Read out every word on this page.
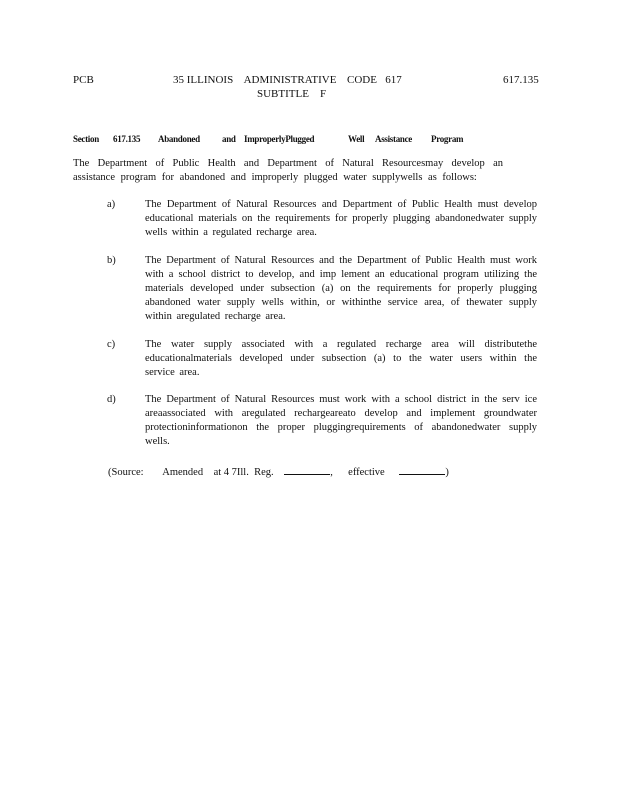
PCB	35 ILLINOIS    ADMINISTRATIVE CODE   617
SUBTITLE    F
617.135
Section 617.135 Abandoned and ImproperlyPlugged	Well Assistance Program
The Department of Public Health and Department of Natural Resourcesmay develop an assistance program for abandoned and improperly plugged water supplywells as follows:
a)	The Department of Natural Resources and Department of Public Health must develop educational materials on the requirements for properly plugging abandonedwater supply wells within a regulated recharge area.
b)	The Department of Natural Resources and the Department of Public Health must work with a school district to develop, and imp lement an educational program utilizing the materials developed under subsection (a) on the requirements for properly plugging abandoned water supply wells within, or withinthe service area, of thewater supply within aregulated recharge area.
c)	The water supply associated with a regulated recharge area will distributethe educationalmaterials developed under subsection (a) to the water users within the service area.
d)	The Department of Natural Resources must work with a school district in the serv ice areaassociated with aregulated rechargeareato develop and implement groundwater protectioninformationon the proper pluggingrequirements of abandonedwater supply wells.
(Source: Amended    at 4 7Ill.  Reg.	, effective	)
